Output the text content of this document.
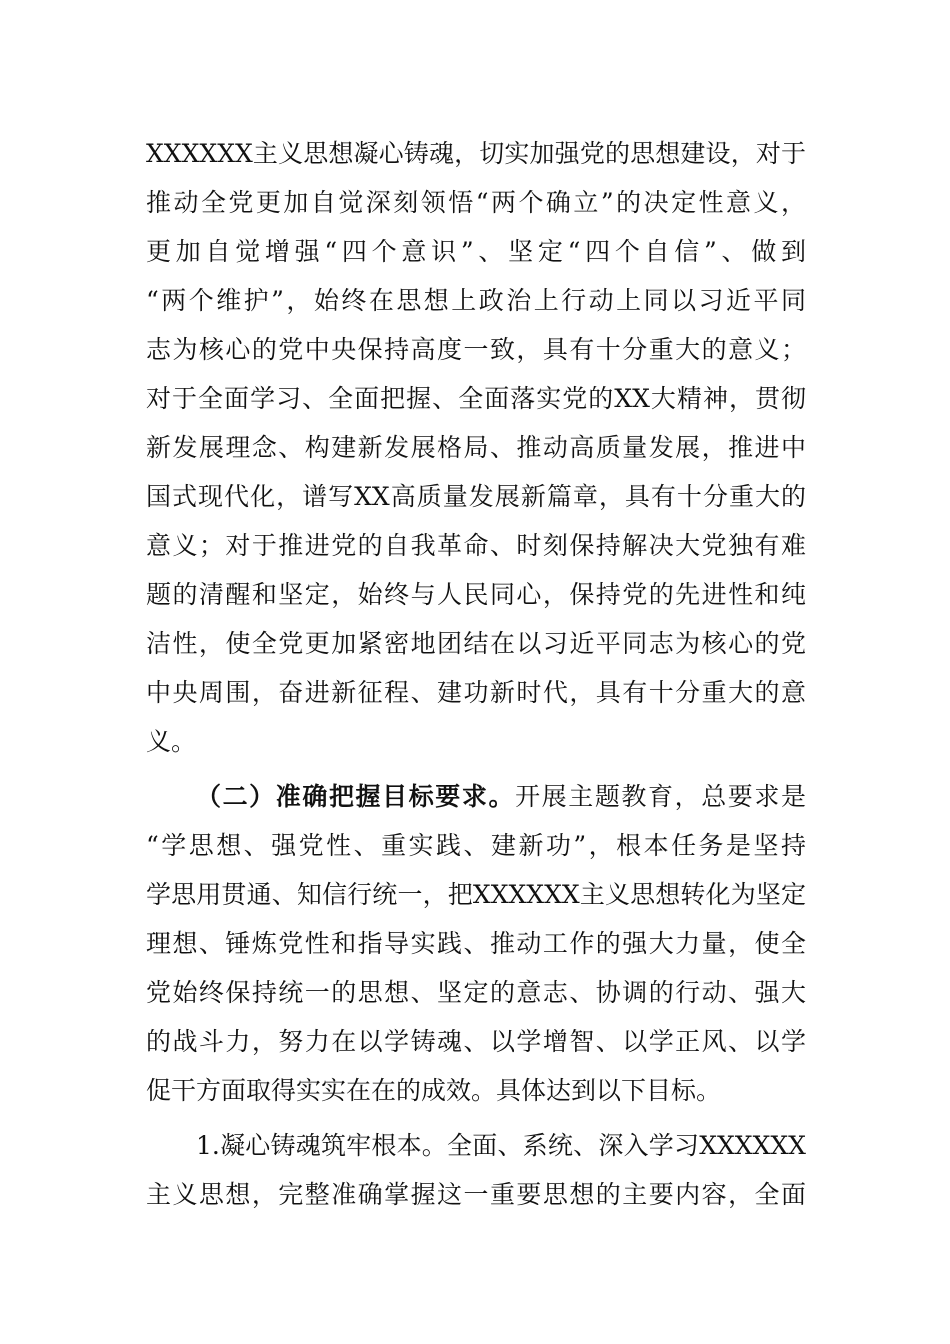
XXXXXX主义思想凝心铸魂，切实加强党的思想建设，对于
推动全党更加自觉深刻领悟“两个确立”的决定性意义，
更加自觉增强“四个意识”、坚定“四个自信”、做到
“两个维护”，始终在思想上政治上行动上同以习近平同
志为核心的党中央保持高度一致，具有十分重大的意义；
对于全面学习、全面把握、全面落实党的XX大精神，贯彻
新发展理念、构建新发展格局、推动高质量发展，推进中
国式现代化，谱写XX高质量发展新篇章，具有十分重大的
意义；对于推进党的自我革命、时刻保持解决大党独有难
题的清醒和坚定，始终与人民同心，保持党的先进性和纯
洁性，使全党更加紧密地团结在以习近平同志为核心的党
中央周围，奋进新征程、建功新时代，具有十分重大的意
义。
（二）准确把握目标要求。开展主题教育，总要求是
“学思想、强党性、重实践、建新功”，根本任务是坚持
学思用贯通、知信行统一，把XXXXXX主义思想转化为坚定
理想、锤炼党性和指导实践、推动工作的强大力量，使全
党始终保持统一的思想、坚定的意志、协调的行动、强大
的战斗力，努力在以学铸魂、以学增智、以学正风、以学
促干方面取得实实在在的成效。具体达到以下目标。
1.凝心铸魂筑牢根本。全面、系统、深入学习XXXXXX
主义思想，完整准确掌握这一重要思想的主要内容，全面
